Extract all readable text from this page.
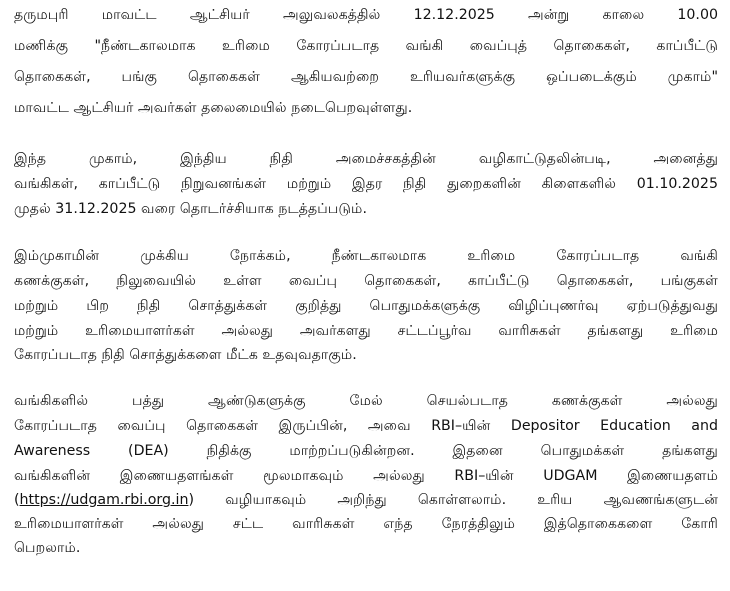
தருமபுரி மாவட்ட ஆட்சியர் அலுவலகத்தில் 12.12.2025 அன்று காலை 10.00

மணிக்கு "நீண்டகாலமாக உரிமை கோரப்படாத வங்கி வைப்புத் தொகைகள், காப்பீட்டு

தொகைகள், பங்கு தொகைகள் ஆகியவற்றை உரியவர்களுக்கு ஒப்படைக்கும் முகாம்"

மாவட்ட ஆட்சியர் அவர்கள் தலைமையில் நடைபெறவுள்ளது.

இந்த முகாம், இந்திய நிதி அமைச்சகத்தின் வழிகாட்டுதலின்படி, அனைத்து

வங்கிகள், காப்பீட்டு நிறுவனங்கள் மற்றும் இதர நிதி துறைகளின் கிளைகளில் 01.10.2025

முதல் 31.12.2025 வரை தொடர்ச்சியாக நடத்தப்படும்.

இம்முகாமின் முக்கிய நோக்கம், நீண்டகாலமாக உரிமை கோரப்படாத வங்கி

கணக்குகள், நிலுவையில் உள்ள வைப்பு தொகைகள், காப்பீட்டு தொகைகள், பங்குகள்

மற்றும் பிற நிதி சொத்துக்கள் குறித்து பொதுமக்களுக்கு விழிப்புணர்வு ஏற்படுத்துவது

மற்றும் உரிமையாளர்கள் அல்லது அவர்களது சட்டப்பூர்வ வாரிசுகள் தங்களது உரிமை

கோரப்படாத நிதி சொத்துக்களை மீட்க உதவுவதாகும்.

வங்கிகளில் பத்து ஆண்டுகளுக்கு மேல் செயல்படாத கணக்குகள் அல்லது

கோரப்படாத வைப்பு தொகைகள் இருப்பின், அவை RBI–யின் Depositor Education and

Awareness (DEA) நிதிக்கு மாற்றப்படுகின்றன. இதனை பொதுமக்கள் தங்களது

வங்கிகளின் இணையதளங்கள் மூலமாகவும் அல்லது RBI–யின் UDGAM இணையதளம்

(https://udgam.rbi.org.in) வழியாகவும் அறிந்து கொள்ளலாம். உரிய ஆவணங்களுடன்

உரிமையாளர்கள் அல்லது சட்ட வாரிசுகள் எந்த நேரத்திலும் இத்தொகைகளை கோரி

பெறலாம்.
